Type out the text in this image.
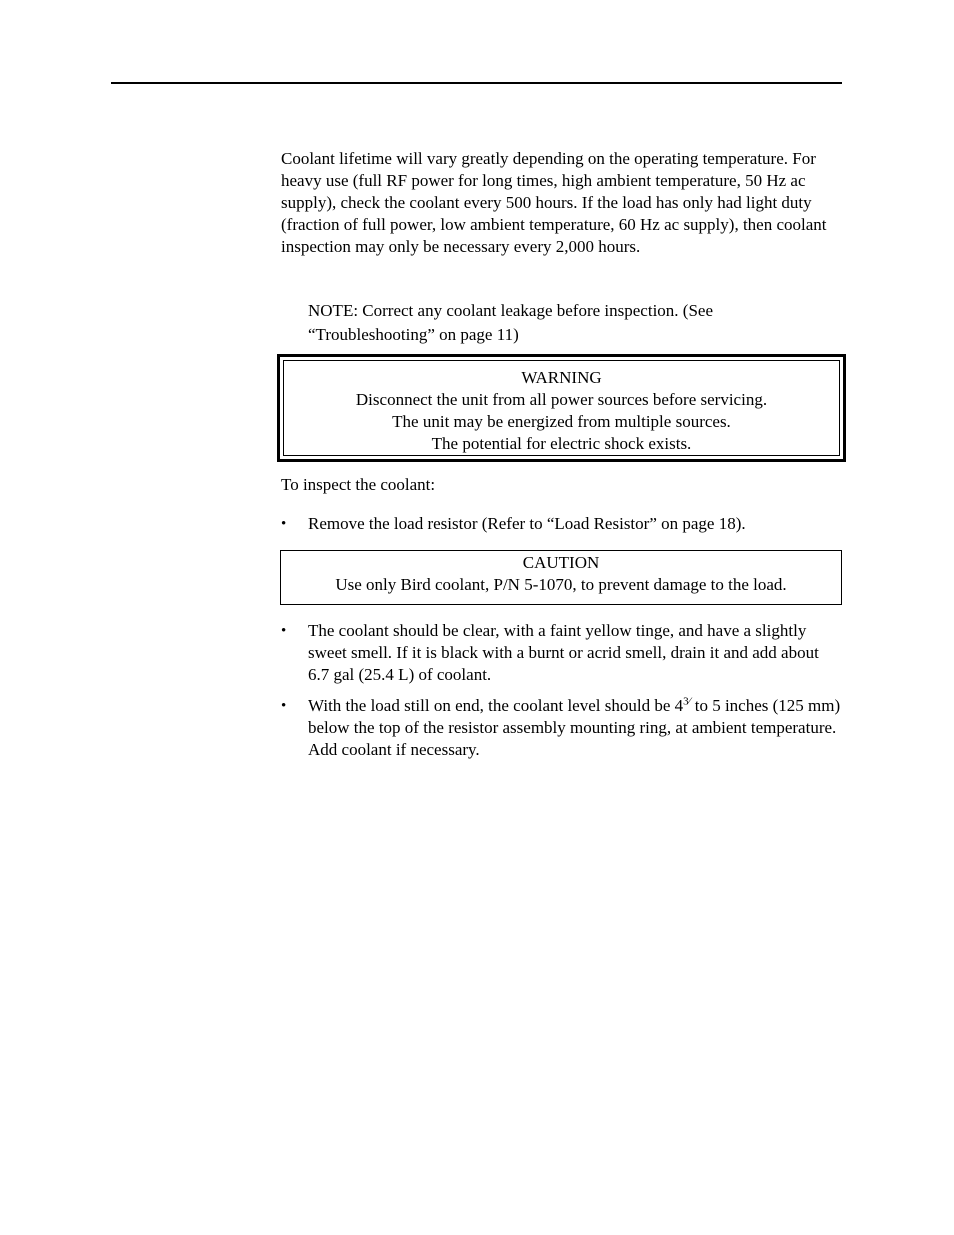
Coolant lifetime will vary greatly depending on the operating temperature. For heavy use (full RF power for long times, high ambient temperature, 50 Hz ac supply), check the coolant every 500 hours. If the load has only had light duty (fraction of full power, low ambient temperature, 60 Hz ac supply), then coolant inspection may only be necessary every 2,000 hours.

NOTE: Correct any coolant leakage before inspection. (See “Troubleshooting” on page 11)

WARNING
Disconnect the unit from all power sources before servicing.
The unit may be energized from multiple sources.
The potential for electric shock exists.

To inspect the coolant:

•	Remove the load resistor (Refer to “Load Resistor” on page 18).
CAUTION
Use only Bird coolant, P/N 5-1070, to prevent damage to the load.
•	The coolant should be clear, with a faint yellow tinge, and have a slightly sweet smell. If it is black with a burnt or acrid smell, drain it and add about 6.7 gal (25.4 L) of coolant.
•	With the load still on end, the coolant level should be $4^{3⁄}$ to 5 inches (125 mm) below the top of the resistor assembly mounting ring, at ambient temperature. Add coolant if necessary.
